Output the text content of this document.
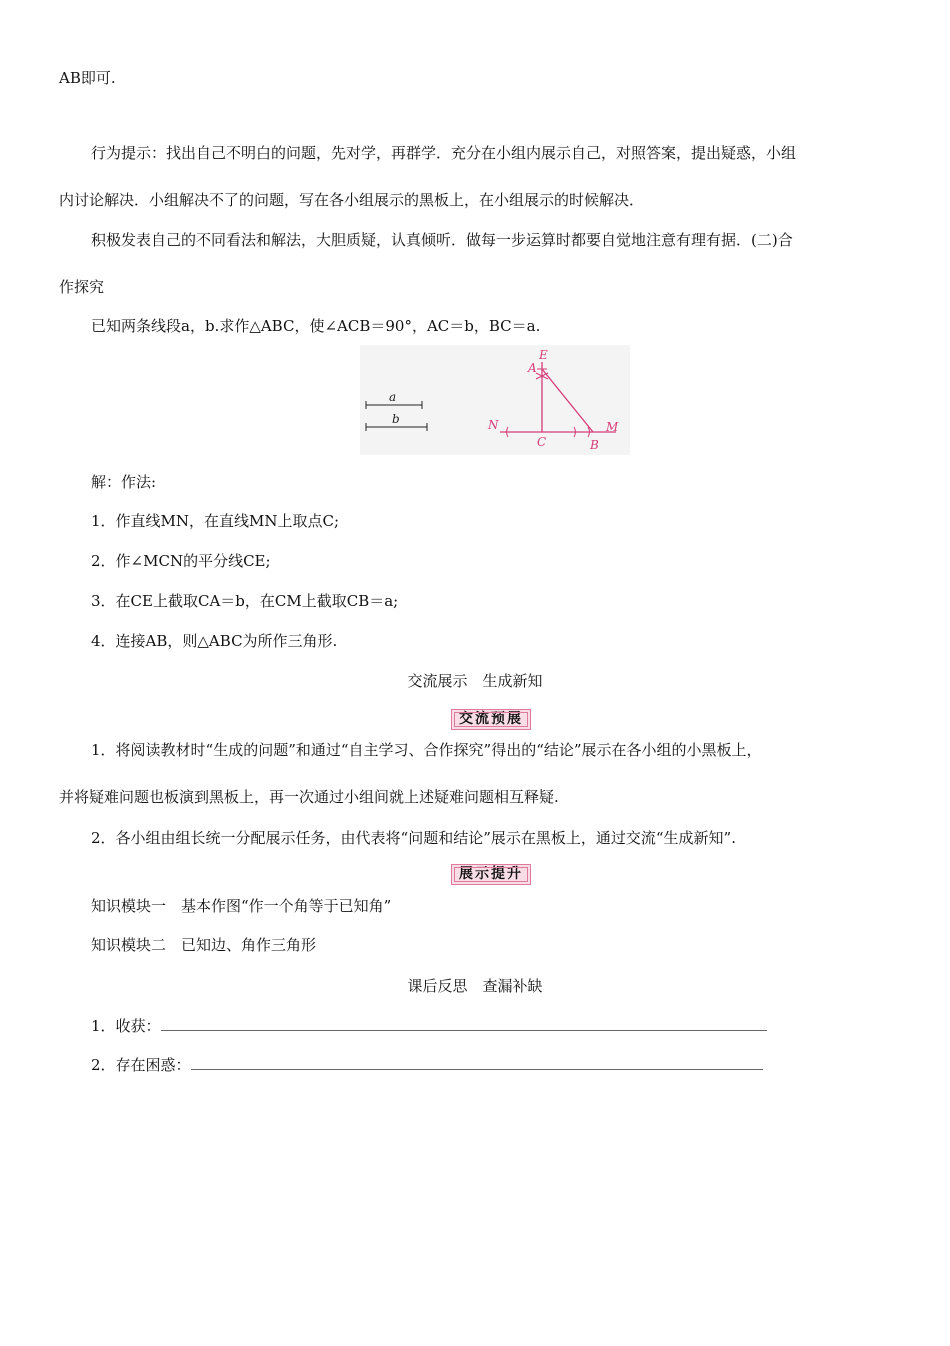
AB即可.
行为提示：找出自己不明白的问题，先对学，再群学．充分在小组内展示自己，对照答案，提出疑惑，小组
内讨论解决．小组解决不了的问题，写在各小组展示的黑板上，在小组展示的时候解决．
积极发表自己的不同看法和解法，大胆质疑，认真倾听．做每一步运算时都要自觉地注意有理有据．(二)合
作探究
已知两条线段a，b.求作△ABC，使∠ACB＝90°，AC＝b，BC＝a.
a
b
E
A
N
C	B
M
解：作法:
1．作直线MN，在直线MN上取点C;
2．作∠MCN的平分线CE;
3．在CE上截取CA＝b，在CM上截取CB＝a;
4．连接AB，则△ABC为所作三角形.
交流展示　生成新知
交流预展
1．将阅读教材时“生成的问题”和通过“自主学习、合作探究”得出的“结论”展示在各小组的小黑板上，
并将疑难问题也板演到黑板上，再一次通过小组间就上述疑难问题相互释疑.
2．各小组由组长统一分配展示任务，由代表将“问题和结论”展示在黑板上，通过交流“生成新知”.
展示提升
知识模块一　基本作图“作一个角等于已知角”
知识模块二　已知边、角作三角形
课后反思　查漏补缺
1．收获：
2．存在困惑：
